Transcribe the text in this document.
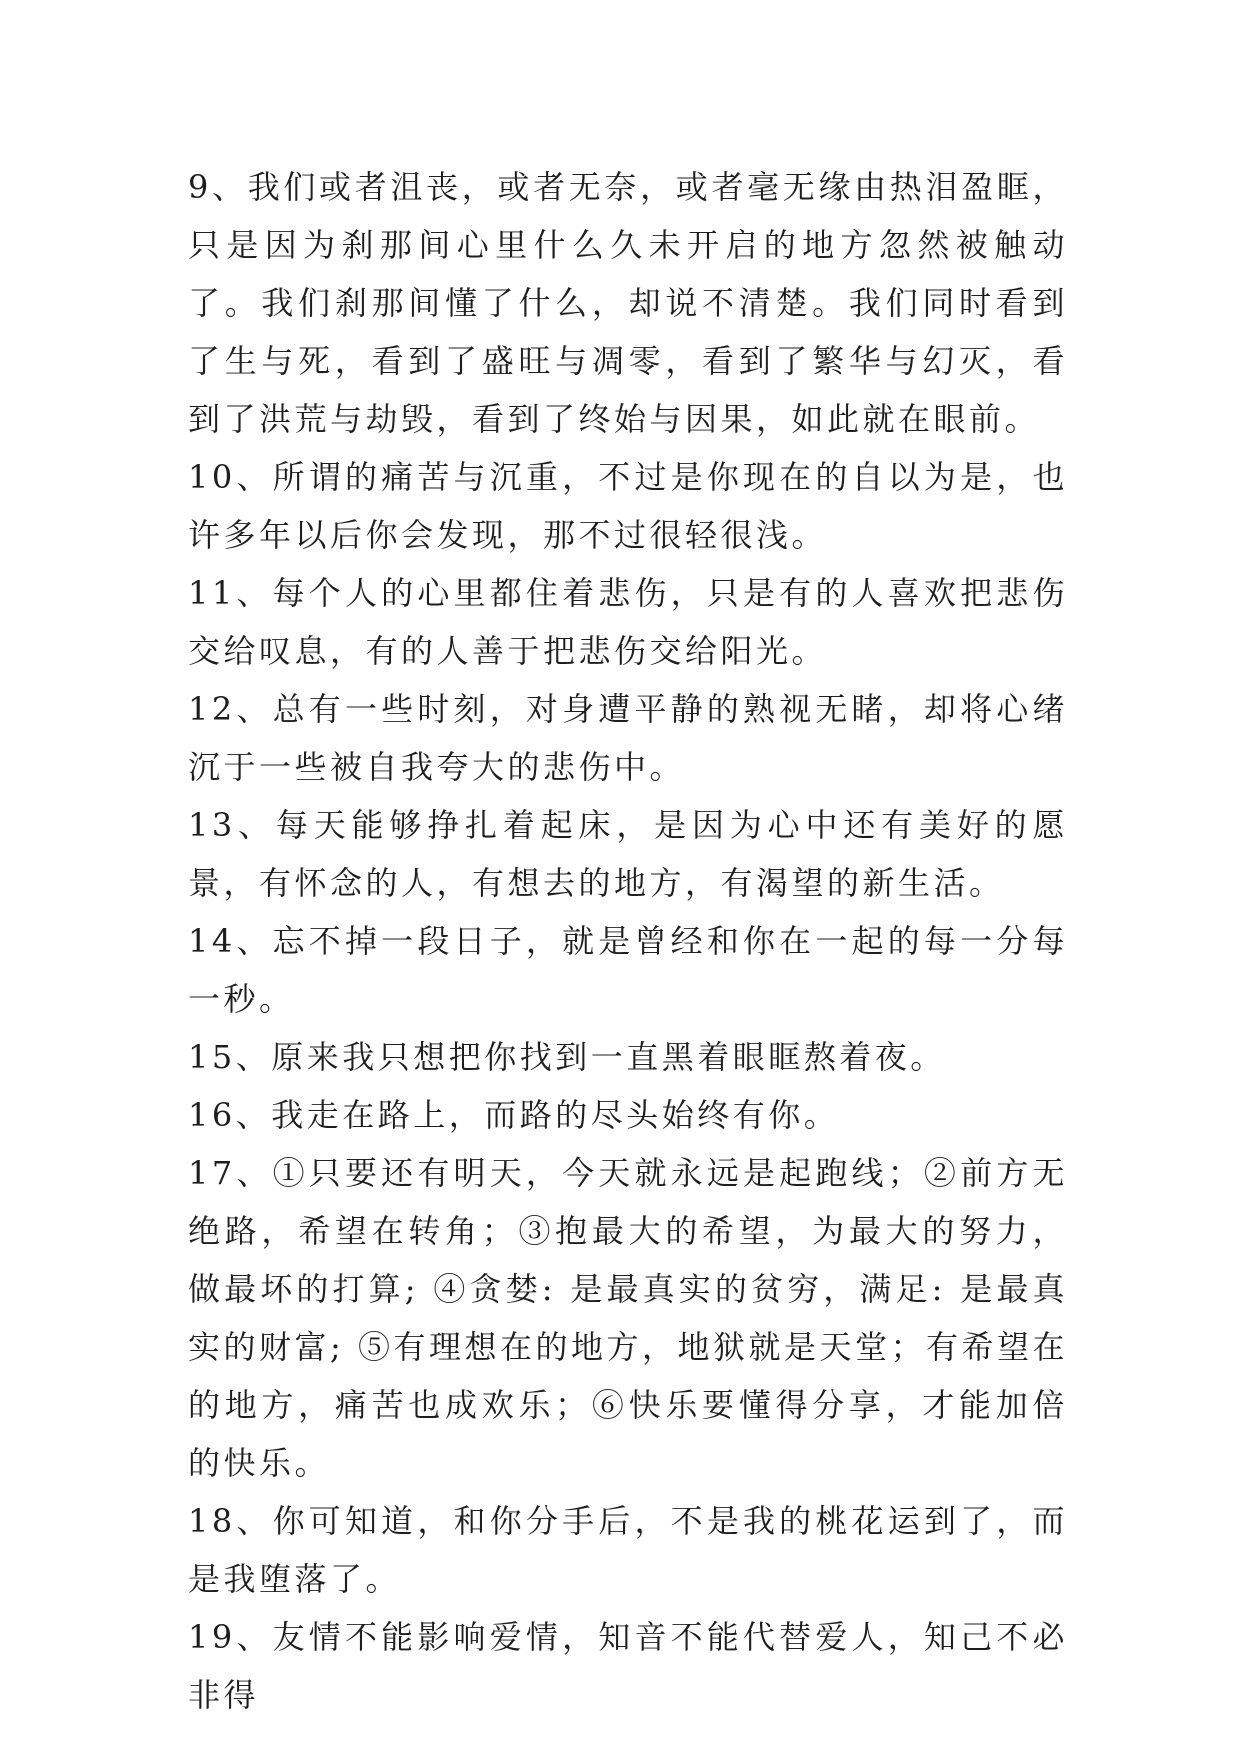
9、我们或者沮丧，或者无奈，或者毫无缘由热泪盈眶，只是因为刹那间心里什么久未开启的地方忽然被触动了。我们刹那间懂了什么，却说不清楚。我们同时看到了生与死，看到了盛旺与凋零，看到了繁华与幻灭，看到了洪荒与劫毁，看到了终始与因果，如此就在眼前。

10、所谓的痛苦与沉重，不过是你现在的自以为是，也许多年以后你会发现，那不过很轻很浅。

11、每个人的心里都住着悲伤，只是有的人喜欢把悲伤交给叹息，有的人善于把悲伤交给阳光。

12、总有一些时刻，对身遭平静的熟视无睹，却将心绪沉于一些被自我夸大的悲伤中。

13、每天能够挣扎着起床，是因为心中还有美好的愿景，有怀念的人，有想去的地方，有渴望的新生活。

14、忘不掉一段日子，就是曾经和你在一起的每一分每一秒。

15、原来我只想把你找到一直黑着眼眶熬着夜。

16、我走在路上，而路的尽头始终有你。

17、①只要还有明天，今天就永远是起跑线；②前方无绝路，希望在转角；③抱最大的希望，为最大的努力，做最坏的打算; ④贪婪: 是最真实的贫穷，满足: 是最真实的财富; ⑤有理想在的地方，地狱就是天堂；有希望在的地方，痛苦也成欢乐；⑥快乐要懂得分享，才能加倍的快乐。

18、你可知道，和你分手后，不是我的桃花运到了，而是我堕落了。

19、友情不能影响爱情，知音不能代替爱人，知己不必非得
